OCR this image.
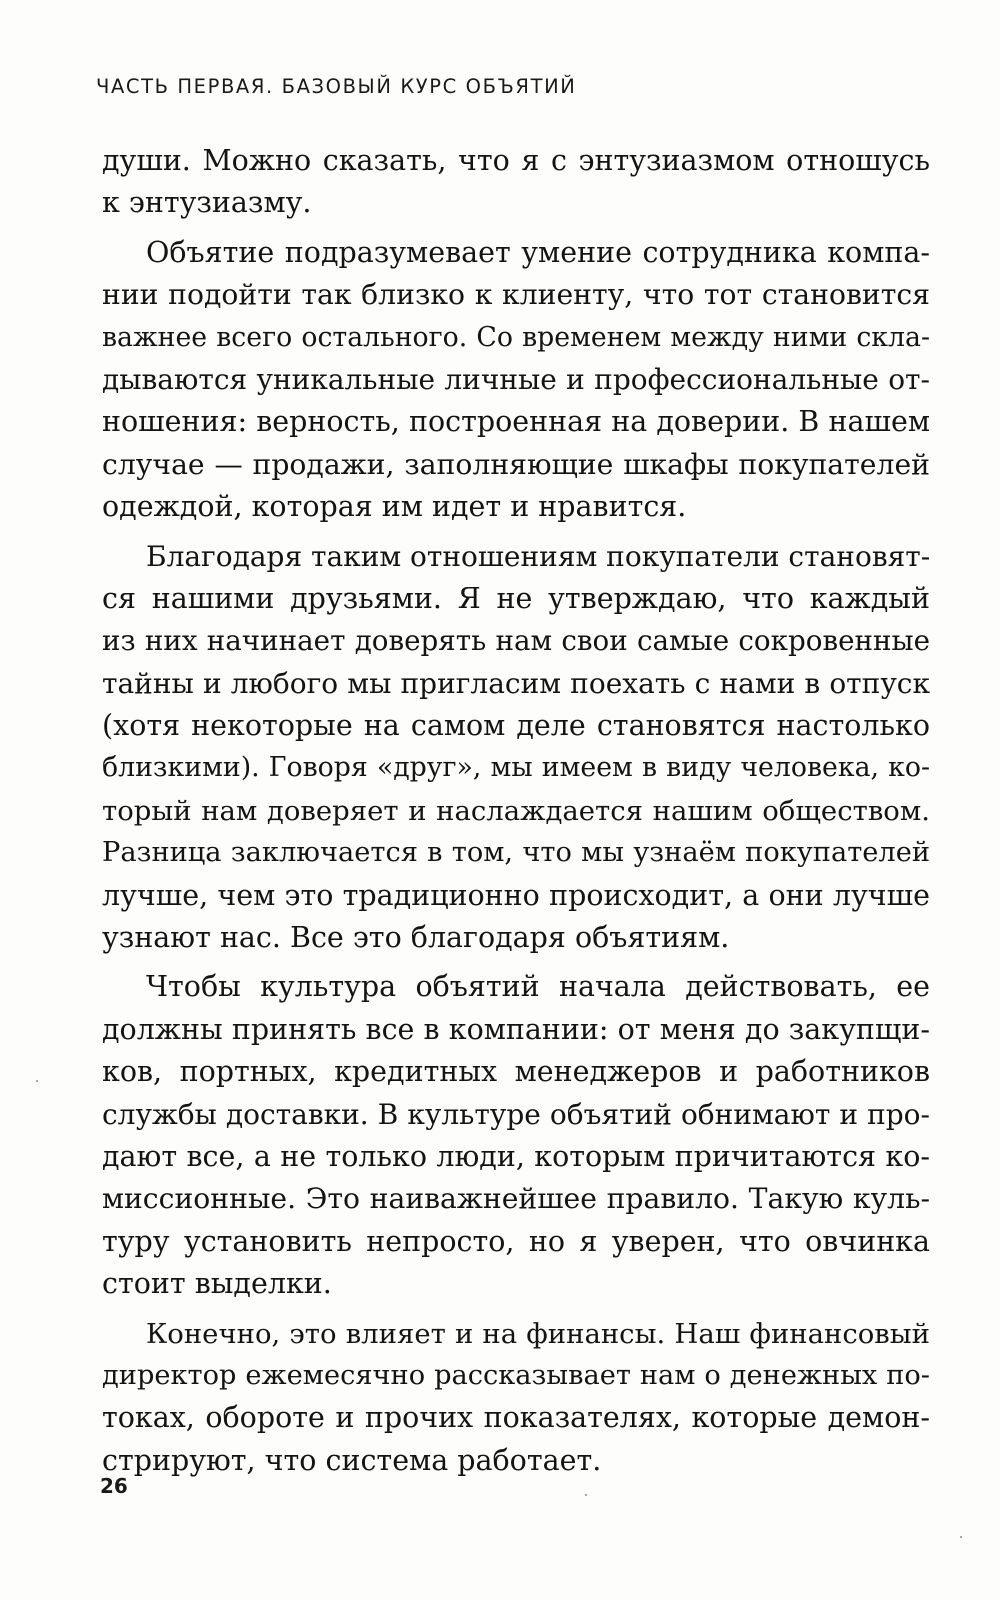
ЧАСТЬ ПЕРВАЯ. БАЗОВЫЙ КУРС ОБЪЯТИЙ
души. Можно сказать, что я с энтузиазмом отношусь
к энтузиазму.
Объятие подразумевает умение сотрудника компа-
нии подойти так близко к клиенту, что тот становится
важнее всего остального. Со временем между ними скла-
дываются уникальные личные и профессиональные от-
ношения: верность, построенная на доверии. В нашем
случае — продажи, заполняющие шкафы покупателей
одеждой, которая им идет и нравится.
Благодаря таким отношениям покупатели становят-
ся нашими друзьями. Я не утверждаю, что каждый
из них начинает доверять нам свои самые сокровенные
тайны и любого мы пригласим поехать с нами в отпуск
(хотя некоторые на самом деле становятся настолько
близкими). Говоря «друг», мы имеем в виду человека, ко-
торый нам доверяет и наслаждается нашим обществом.
Разница заключается в том, что мы узнаём покупателей
лучше, чем это традиционно происходит, а они лучше
узнают нас. Все это благодаря объятиям.
Чтобы культура объятий начала действовать, ее
должны принять все в компании: от меня до закупщи-
ков, портных, кредитных менеджеров и работников
службы доставки. В культуре объятий обнимают и про-
дают все, а не только люди, которым причитаются ко-
миссионные. Это наиважнейшее правило. Такую куль-
туру установить непросто, но я уверен, что овчинка
стоит выделки.
Конечно, это влияет и на финансы. Наш финансовый
директор ежемесячно рассказывает нам о денежных по-
токах, обороте и прочих показателях, которые демон-
стрируют, что система работает.
26
